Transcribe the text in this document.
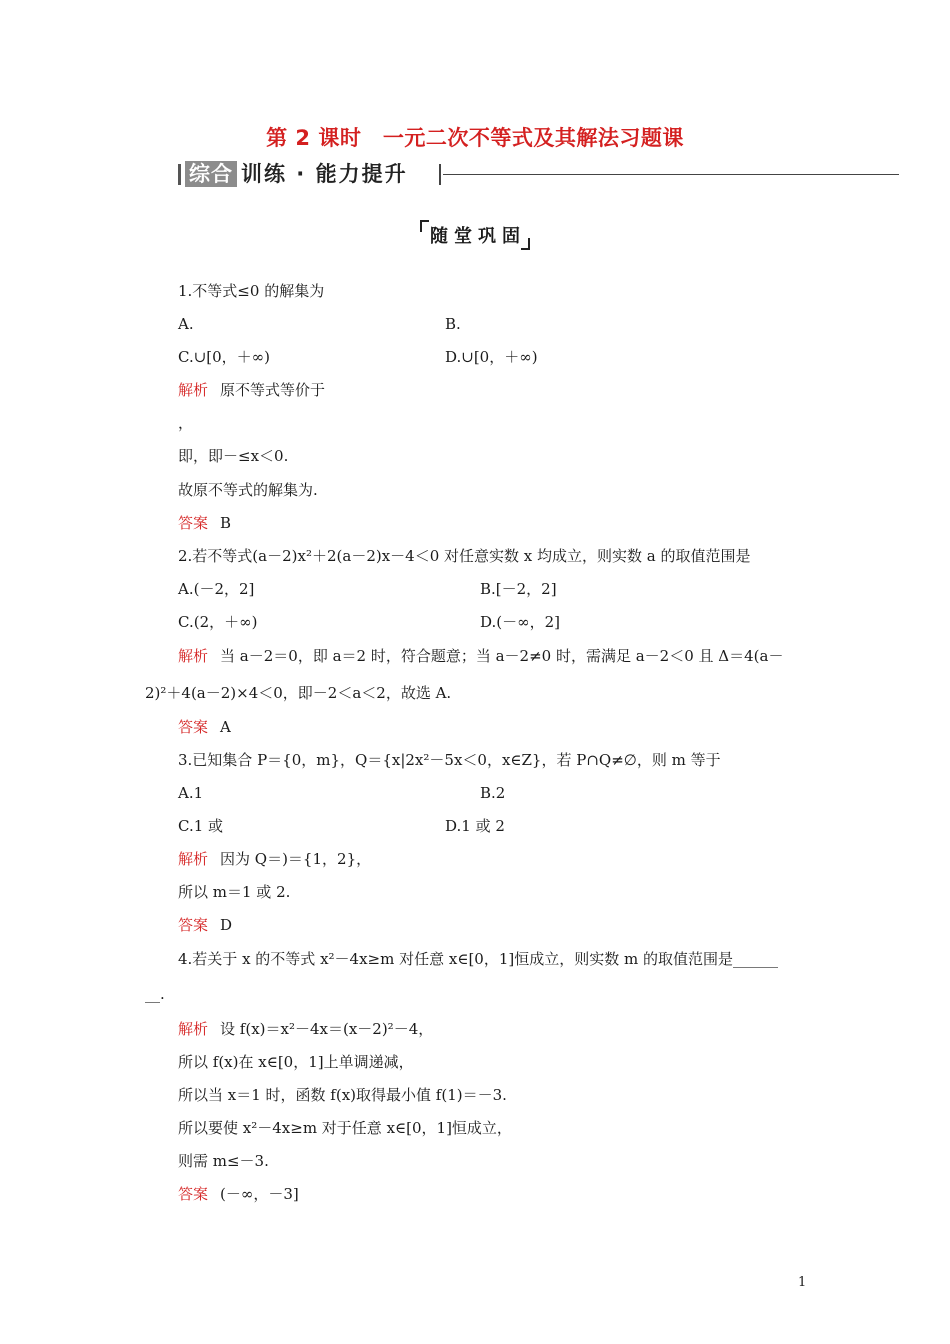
第 2 课时　一元二次不等式及其解法习题课
综合 训练 · 能力提升
随堂巩固
1.不等式≤0 的解集为
A.	B.
C.∪[0，＋∞)	D.∪[0，＋∞)
解析 原不等式等价于
，
即，即－≤x＜0.
故原不等式的解集为.
答案 B
2.若不等式(a－2)x²＋2(a－2)x－4＜0 对任意实数 x 均成立，则实数 a 的取值范围是
A.(－2，2]	B.[－2，2]
C.(2，＋∞)	D.(－∞，2]
解析 当 a－2＝0，即 a＝2 时，符合题意；当 a－2≠0 时，需满足 a－2＜0 且 Δ＝4(a－
2)²＋4(a－2)×4＜0，即－2＜a＜2，故选 A.
答案 A
3.已知集合 P＝{0，m}，Q＝{x|2x²－5x＜0，x∈Z}，若 P∩Q≠∅，则 m 等于
A.1	B.2
C.1 或	D.1 或 2
解析 因为 Q＝)＝{1，2}，
所以 m＝1 或 2.
答案 D
4.若关于 x 的不等式 x²－4x≥m 对任意 x∈[0，1]恒成立，则实数 m 的取值范围是______
__.
解析 设 f(x)＝x²－4x＝(x－2)²－4，
所以 f(x)在 x∈[0，1]上单调递减，
所以当 x＝1 时，函数 f(x)取得最小值 f(1)＝－3.
所以要使 x²－4x≥m 对于任意 x∈[0，1]恒成立，
则需 m≤－3.
答案 (－∞，－3]
1
